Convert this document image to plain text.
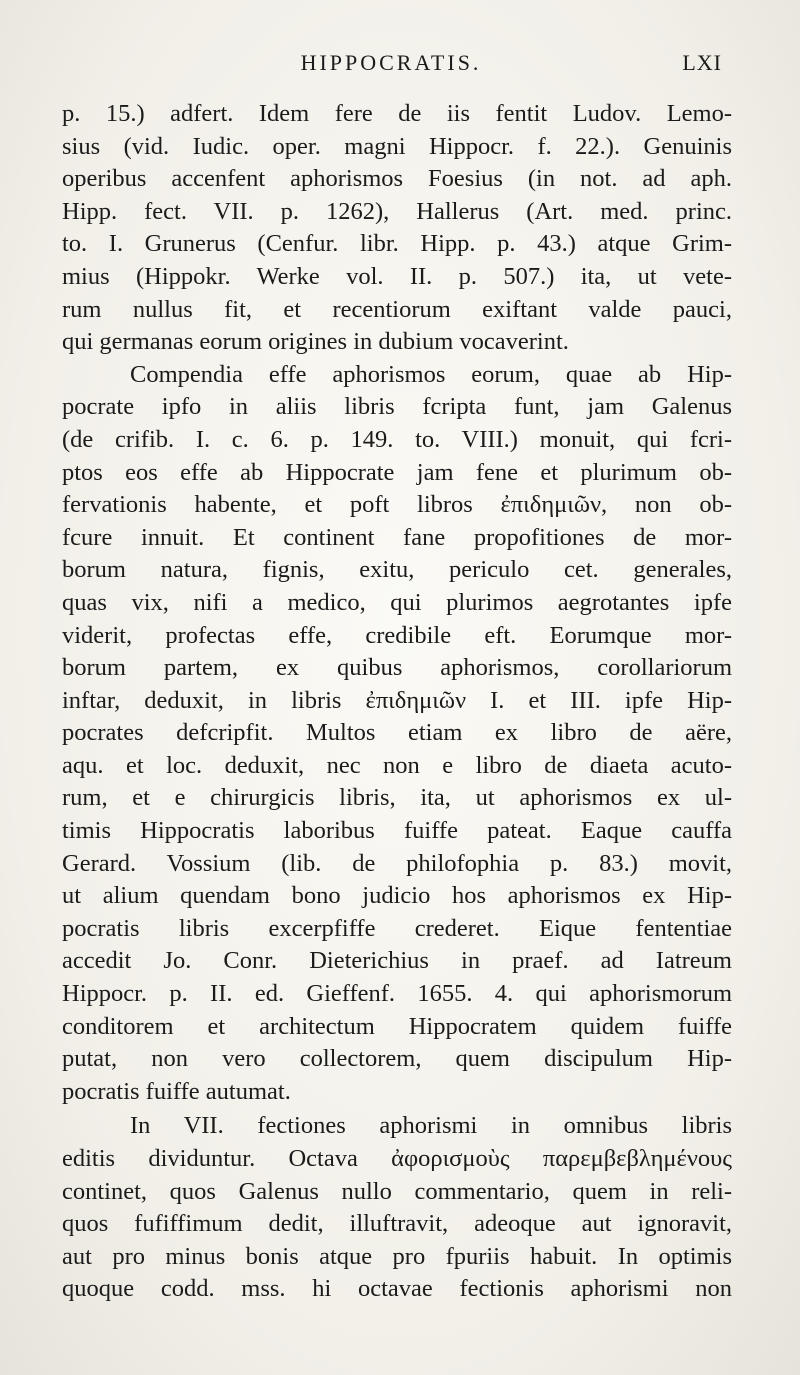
HIPPOCRATIS.	LXI
p. 15.) adfert. Idem fere de iis fentit Ludov. Lemo-
sius (vid. Iudic. oper. magni Hippocr. f. 22.). Genuinis
operibus accenfent aphorismos Foesius (in not. ad aph.
Hipp. fect. VII. p. 1262), Hallerus (Art. med. princ.
to. I. Grunerus (Cenfur. libr. Hipp. p. 43.) atque Grim-
mius (Hippokr. Werke vol. II. p. 507.) ita, ut vete-
rum nullus fit, et recentiorum exiftant valde pauci,
qui germanas eorum origines in dubium vocaverint.
Compendia effe aphorismos eorum, quae ab Hip-
pocrate ipfo in aliis libris fcripta funt, jam Galenus
(de crifib. I. c. 6. p. 149. to. VIII.) monuit, qui fcri-
ptos eos effe ab Hippocrate jam fene et plurimum ob-
fervationis habente, et poft libros ἐπιδημιῶν, non ob-
fcure innuit. Et continent fane propofitiones de mor-
borum natura, fignis, exitu, periculo cet. generales,
quas vix, nifi a medico, qui plurimos aegrotantes ipfe
viderit, profectas effe, credibile eft. Eorumque mor-
borum partem, ex quibus aphorismos, corollariorum
inftar, deduxit, in libris ἐπιδημιῶν I. et III. ipfe Hip-
pocrates defcripfit. Multos etiam ex libro de aëre,
aqu. et loc. deduxit, nec non e libro de diaeta acuto-
rum, et e chirurgicis libris, ita, ut aphorismos ex ul-
timis Hippocratis laboribus fuiffe pateat. Eaque cauffa
Gerard. Vossium (lib. de philofophia p. 83.) movit,
ut alium quendam bono judicio hos aphorismos ex Hip-
pocratis libris excerpfiffe crederet. Eique fententiae
accedit Jo. Conr. Dieterichius in praef. ad Iatreum
Hippocr. p. II. ed. Gieffenf. 1655. 4. qui aphorismorum
conditorem et architectum Hippocratem quidem fuiffe
putat, non vero collectorem, quem discipulum Hip-
pocratis fuiffe autumat.
In VII. fectiones aphorismi in omnibus libris
editis dividuntur. Octava ἀφορισμοὺς παρεμβεβλημένους
continet, quos Galenus nullo commentario, quem in reli-
quos fufiffimum dedit, illuftravit, adeoque aut ignoravit,
aut pro minus bonis atque pro fpuriis habuit. In optimis
quoque codd. mss. hi octavae fectionis aphorismi non
